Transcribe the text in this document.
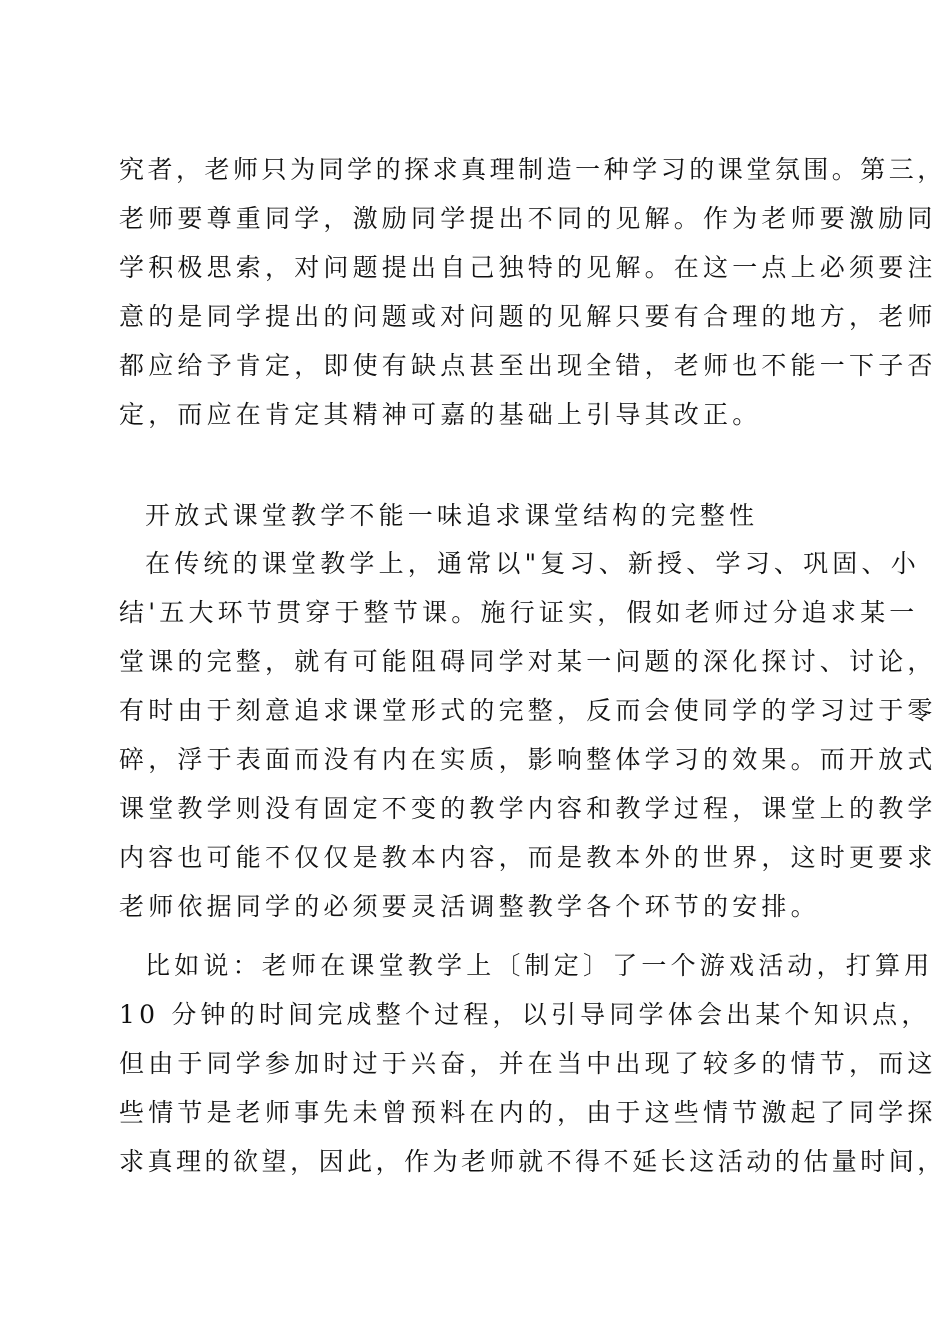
究者，老师只为同学的探求真理制造一种学习的课堂氛围。第三，
老师要尊重同学，激励同学提出不同的见解。作为老师要激励同
学积极思索，对问题提出自己独特的见解。在这一点上必须要注
意的是同学提出的问题或对问题的见解只要有合理的地方，老师
都应给予肯定，即使有缺点甚至出现全错，老师也不能一下子否
定，而应在肯定其精神可嘉的基础上引导其改正。
开放式课堂教学不能一味追求课堂结构的完整性
在传统的课堂教学上，通常以"复习、新授、学习、巩固、小
结'五大环节贯穿于整节课。施行证实，假如老师过分追求某一
堂课的完整，就有可能阻碍同学对某一问题的深化探讨、讨论，
有时由于刻意追求课堂形式的完整，反而会使同学的学习过于零
碎，浮于表面而没有内在实质，影响整体学习的效果。而开放式
课堂教学则没有固定不变的教学内容和教学过程，课堂上的教学
内容也可能不仅仅是教本内容，而是教本外的世界，这时更要求
老师依据同学的必须要灵活调整教学各个环节的安排。
比如说：老师在课堂教学上〔制定〕了一个游戏活动，打算用
10 分钟的时间完成整个过程，以引导同学体会出某个知识点，
但由于同学参加时过于兴奋，并在当中出现了较多的情节，而这
些情节是老师事先未曾预料在内的，由于这些情节激起了同学探
求真理的欲望，因此，作为老师就不得不延长这活动的估量时间，
